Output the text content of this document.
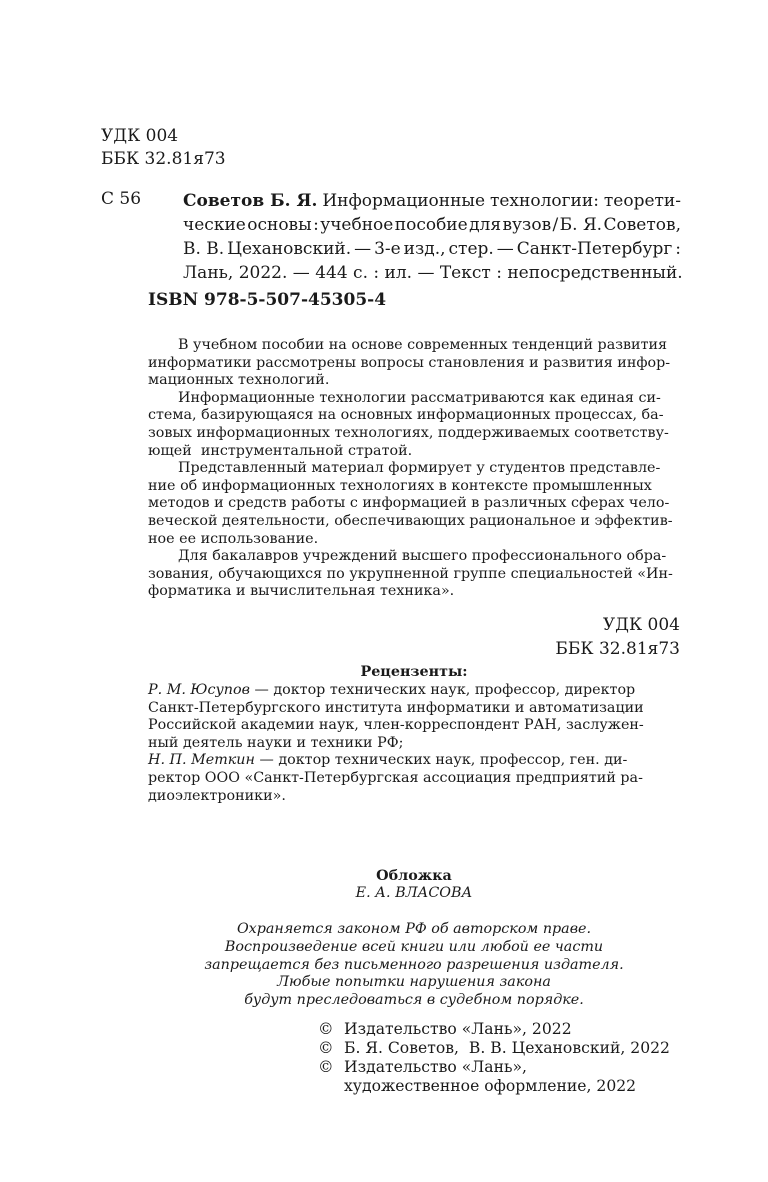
УДК 004
ББК 32.81я73
С 56 Советов Б. Я. Информационные технологии: теорети-
ческие основы : учебное пособие для вузов / Б. Я. Советов,
В. В. Цехановский. — 3-е изд., стер. — Санкт-Петербург :
Лань, 2022. — 444 с. : ил. — Текст : непосредственный.
ISBN 978-5-507-45305-4
В учебном пособии на основе современных тенденций развития
информатики рассмотрены вопросы становления и развития инфор-
мационных технологий.
Информационные технологии рассматриваются как единая си-
стема, базирующаяся на основных информационных процессах, ба-
зовых информационных технологиях, поддерживаемых соответству-
ющей  инструментальной стратой.
Представленный материал формирует у студентов представле-
ние об информационных технологиях в контексте промышленных
методов и средств работы с информацией в различных сферах чело-
веческой деятельности, обеспечивающих рациональное и эффектив-
ное ее использование.
Для бакалавров учреждений высшего профессионального обра-
зования, обучающихся по укрупненной группе специальностей «Ин-
форматика и вычислительная техника».
УДК 004
ББК 32.81я73
Рецензенты:
Р. М. Юсупов — доктор технических наук, профессор, директор
Санкт-Петербургского института информатики и автоматизации
Российской академии наук, член-корреспондент РАН, заслужен-
ный деятель науки и техники РФ;
Н. П. Меткин — доктор технических наук, профессор, ген. ди-
ректор ООО «Санкт-Петербургская ассоциация предприятий ра-
диоэлектроники».
Обложка
Е. А. ВЛАСОВА
Охраняется законом РФ об авторском праве.
Воспроизведение всей книги или любой ее части
запрещается без письменного разрешения издателя.
Любые попытки нарушения закона
будут преследоваться в судебном порядке.
© Издательство «Лань», 2022
© Б. Я. Советов,  В. В. Цехановский, 2022
© Издательство «Лань»,
художественное оформление, 2022
